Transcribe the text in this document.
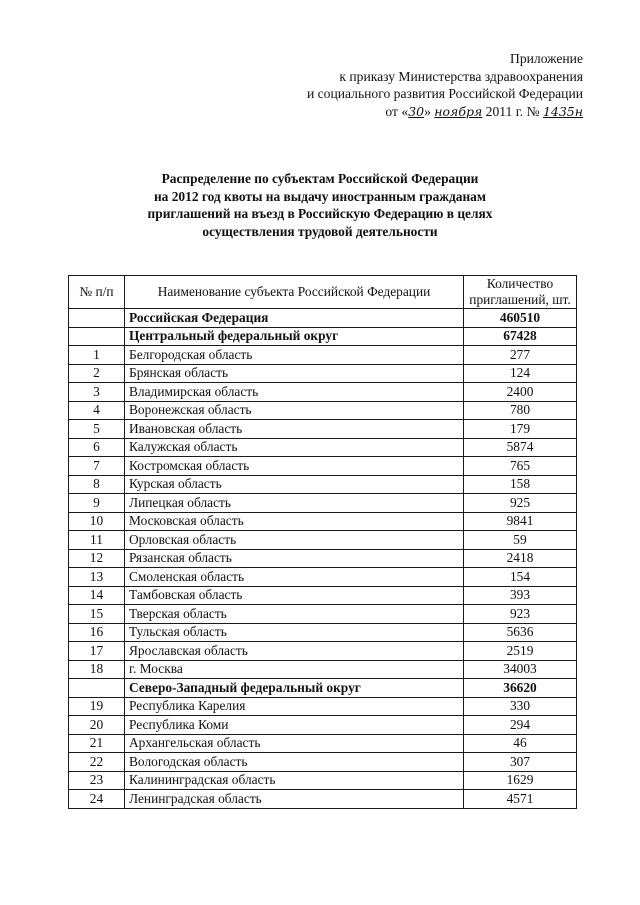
Приложение
к приказу Министерства здравоохранения
и социального развития Российской Федерации
от «30» ноября 2011 г. № 1435н
Распределение по субъектам Российской Федерации
на 2012 год квоты на выдачу иностранным гражданам
приглашений на въезд в Российскую Федерацию в целях
осуществления трудовой деятельности
№ п/п	Наименование субъекта Российской Федерации	Количество приглашений, шт.
	Российская Федерация	460510
	Центральный федеральный округ	67428
1	Белгородская область	277
2	Брянская область	124
3	Владимирская область	2400
4	Воронежская область	780
5	Ивановская область	179
6	Калужская область	5874
7	Костромская область	765
8	Курская область	158
9	Липецкая область	925
10	Московская область	9841
11	Орловская область	59
12	Рязанская область	2418
13	Смоленская область	154
14	Тамбовская область	393
15	Тверская область	923
16	Тульская область	5636
17	Ярославская область	2519
18	г. Москва	34003
	Северо-Западный федеральный округ	36620
19	Республика Карелия	330
20	Республика Коми	294
21	Архангельская область	46
22	Вологодская область	307
23	Калининградская область	1629
24	Ленинградская область	4571
